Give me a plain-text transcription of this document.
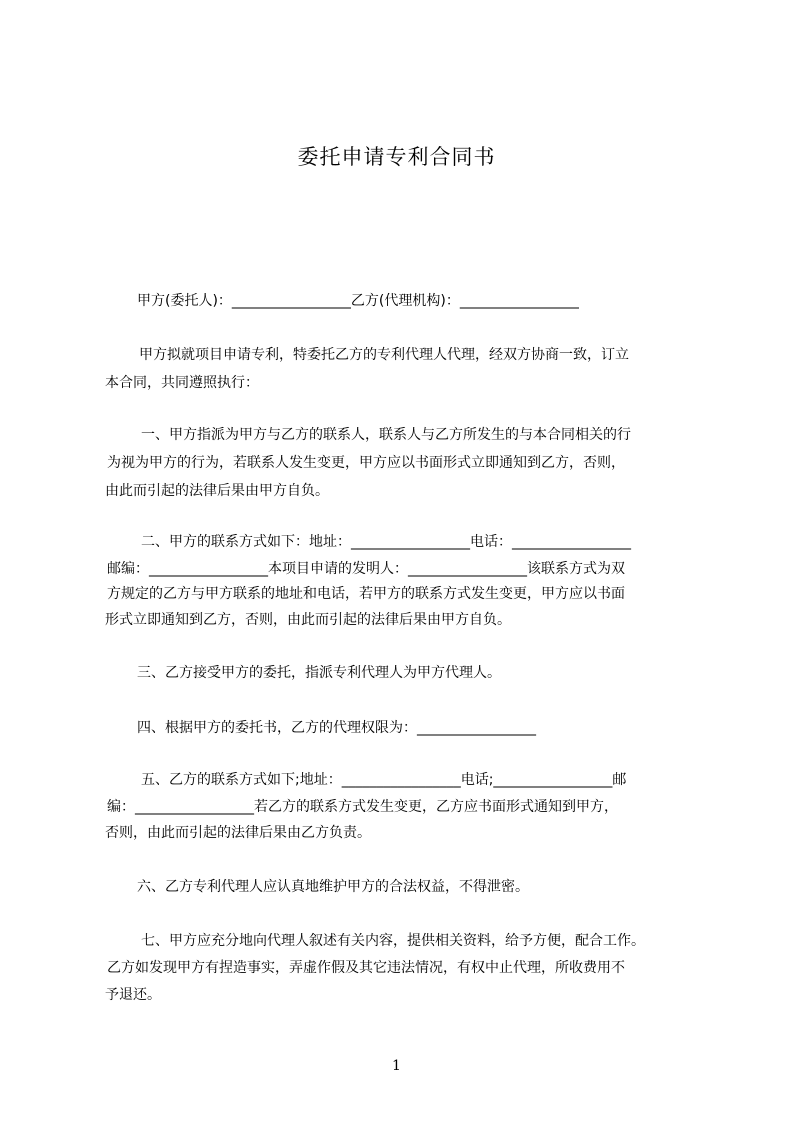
委托申请专利合同书
甲方(委托人)：_________________乙方(代理机构)：_________________
甲方拟就项目申请专利，特委托乙方的专利代理人代理，经双方协商一致，订立
本合同，共同遵照执行：
一、甲方指派为甲方与乙方的联系人，联系人与乙方所发生的与本合同相关的行
为视为甲方的行为，若联系人发生变更，甲方应以书面形式立即通知到乙方，否则，
由此而引起的法律后果由甲方自负。
二、甲方的联系方式如下：地址：_________________电话：_________________
邮编：_________________本项目申请的发明人：_________________该联系方式为双
方规定的乙方与甲方联系的地址和电话，若甲方的联系方式发生变更，甲方应以书面
形式立即通知到乙方，否则，由此而引起的法律后果由甲方自负。
三、乙方接受甲方的委托，指派专利代理人为甲方代理人。
四、根据甲方的委托书，乙方的代理权限为：_________________
五、乙方的联系方式如下;地址：_________________电话;_________________邮
编：_________________若乙方的联系方式发生变更，乙方应书面形式通知到甲方，
否则，由此而引起的法律后果由乙方负责。
六、乙方专利代理人应认真地维护甲方的合法权益，不得泄密。
七、甲方应充分地向代理人叙述有关内容，提供相关资料，给予方便，配合工作。
乙方如发现甲方有捏造事实，弄虚作假及其它违法情况，有权中止代理，所收费用不
予退还。
1
